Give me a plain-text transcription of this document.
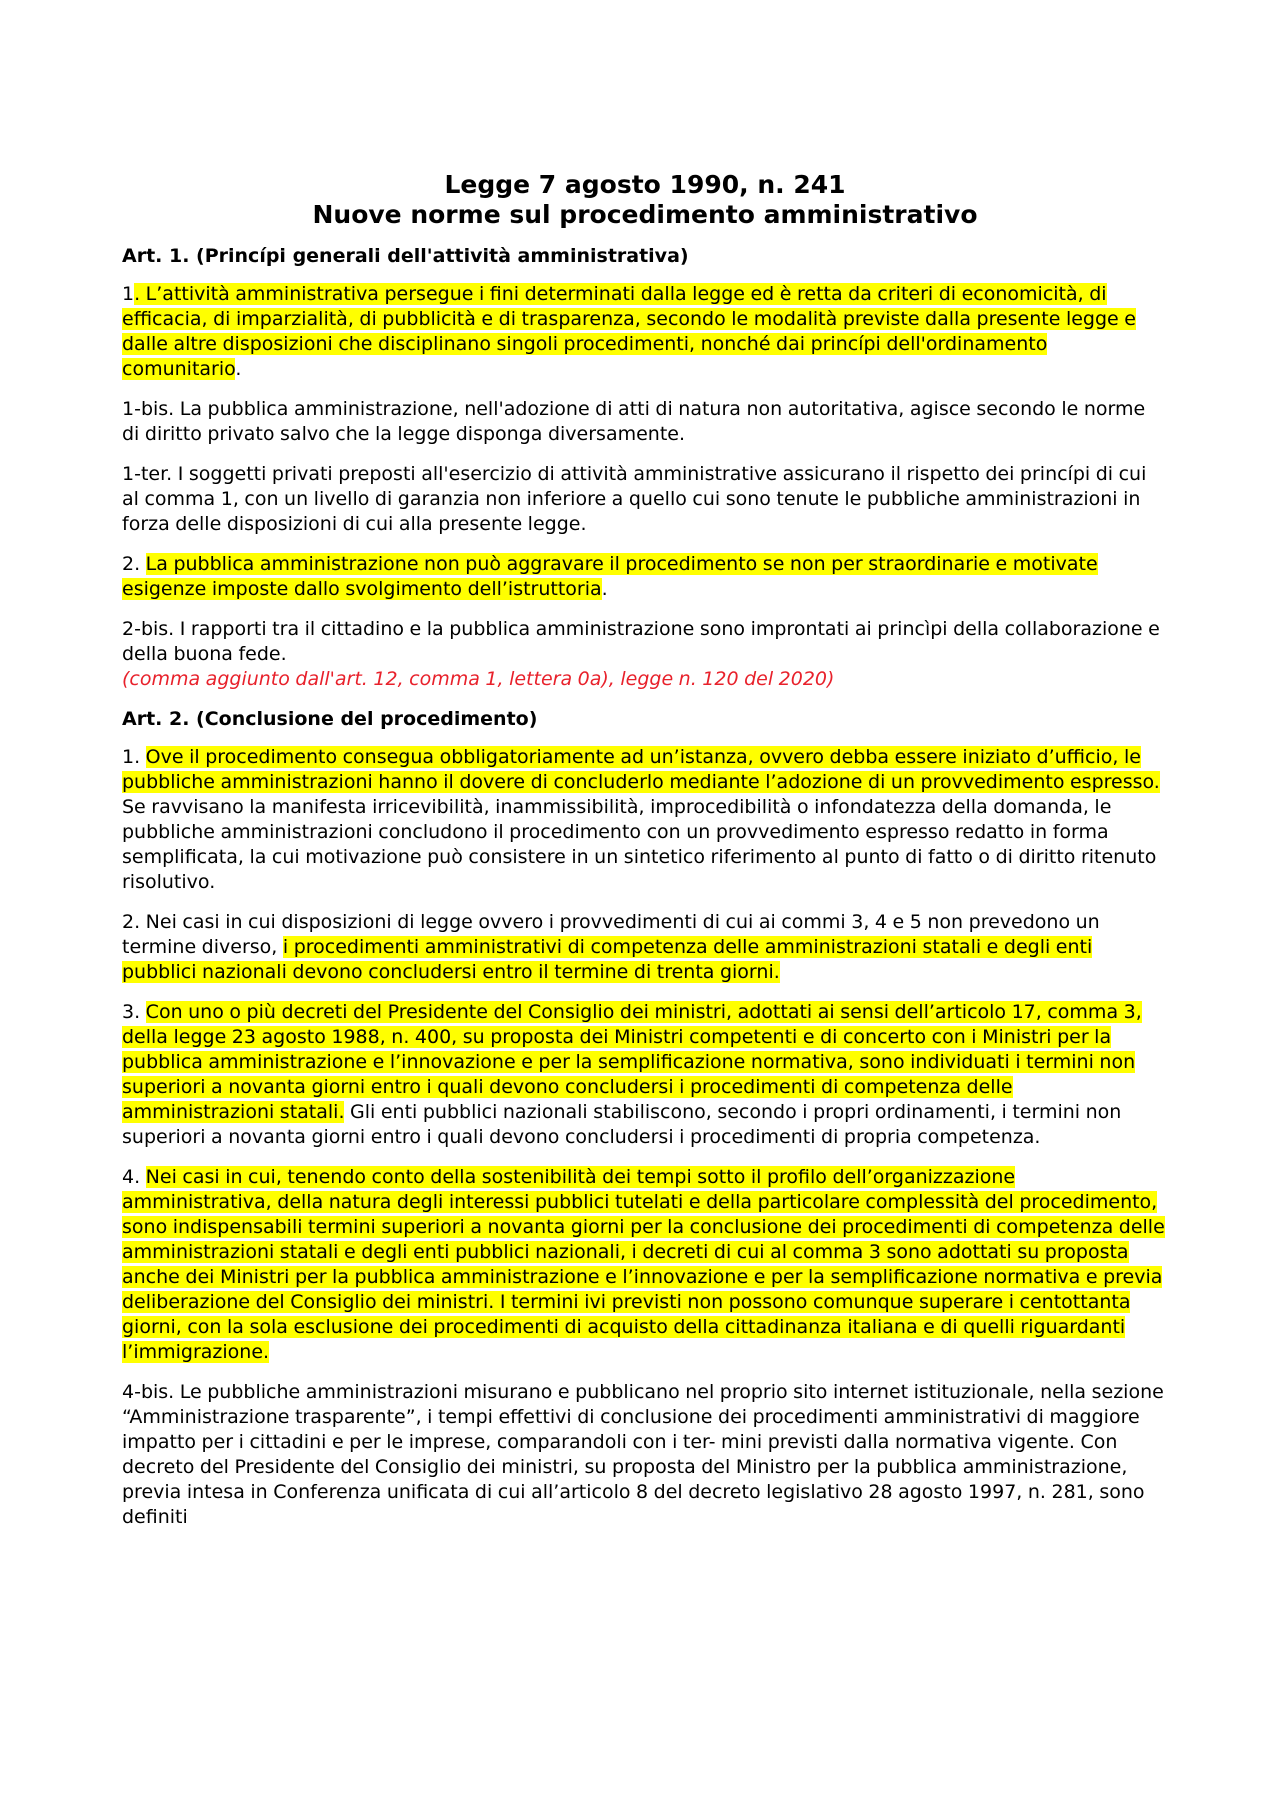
Legge 7 agosto 1990, n. 241
Nuove norme sul procedimento amministrativo
Art. 1. (Princípi generali dell'attività amministrativa)

1. L’attività amministrativa persegue i fini determinati dalla legge ed è retta da criteri di economicità, di efficacia, di imparzialità, di pubblicità e di trasparenza, secondo le modalità previste dalla presente legge e dalle altre disposizioni che disciplinano singoli procedimenti, nonché dai princípi dell'ordinamento comunitario.

1-bis. La pubblica amministrazione, nell'adozione di atti di natura non autoritativa, agisce secondo le norme di diritto privato salvo che la legge disponga diversamente.

1-ter. I soggetti privati preposti all'esercizio di attività amministrative assicurano il rispetto dei princípi di cui al comma 1, con un livello di garanzia non inferiore a quello cui sono tenute le pubbliche amministrazioni in forza delle disposizioni di cui alla presente legge.

2. La pubblica amministrazione non può aggravare il procedimento se non per straordinarie e motivate esigenze imposte dallo svolgimento dell’istruttoria.

2-bis. I rapporti tra il cittadino e la pubblica amministrazione sono improntati ai princìpi della collaborazione e della buona fede.
(comma aggiunto dall'art. 12, comma 1, lettera 0a), legge n. 120 del 2020)

Art. 2. (Conclusione del procedimento)

1. Ove il procedimento consegua obbligatoriamente ad un’istanza, ovvero debba essere iniziato d’ufficio, le pubbliche amministrazioni hanno il dovere di concluderlo mediante l’adozione di un provvedimento espresso. Se ravvisano la manifesta irricevibilità, inammissibilità, improcedibilità o infondatezza della domanda, le pubbliche amministrazioni concludono il procedimento con un provvedimento espresso redatto in forma semplificata, la cui motivazione può consistere in un sintetico riferimento al punto di fatto o di diritto ritenuto risolutivo.

2. Nei casi in cui disposizioni di legge ovvero i provvedimenti di cui ai commi 3, 4 e 5 non prevedono un termine diverso, i procedimenti amministrativi di competenza delle amministrazioni statali e degli enti pubblici nazionali devono concludersi entro il termine di trenta giorni.

3. Con uno o più decreti del Presidente del Consiglio dei ministri, adottati ai sensi dell’articolo 17, comma 3, della legge 23 agosto 1988, n. 400, su proposta dei Ministri competenti e di concerto con i Ministri per la pubblica amministrazione e l’innovazione e per la semplificazione normativa, sono individuati i termini non superiori a novanta giorni entro i quali devono concludersi i procedimenti di competenza delle amministrazioni statali. Gli enti pubblici nazionali stabiliscono, secondo i propri ordinamenti, i termini non superiori a novanta giorni entro i quali devono concludersi i procedimenti di propria competenza.

4. Nei casi in cui, tenendo conto della sostenibilità dei tempi sotto il profilo dell’organizzazione amministrativa, della natura degli interessi pubblici tutelati e della particolare complessità del procedimento, sono indispensabili termini superiori a novanta giorni per la conclusione dei procedimenti di competenza delle amministrazioni statali e degli enti pubblici nazionali, i decreti di cui al comma 3 sono adottati su proposta anche dei Ministri per la pubblica amministrazione e l’innovazione e per la semplificazione normativa e previa deliberazione del Consiglio dei ministri. I termini ivi previsti non possono comunque superare i centottanta giorni, con la sola esclusione dei procedimenti di acquisto della cittadinanza italiana e di quelli riguardanti l’immigrazione.

4-bis. Le pubbliche amministrazioni misurano e pubblicano nel proprio sito internet istituzionale, nella sezione “Amministrazione trasparente”, i tempi effettivi di conclusione dei procedimenti amministrativi di maggiore impatto per i cittadini e per le imprese, comparandoli con i ter- mini previsti dalla normativa vigente. Con decreto del Presidente del Consiglio dei ministri, su proposta del Ministro per la pubblica amministrazione, previa intesa in Conferenza unificata di cui all’articolo 8 del decreto legislativo 28 agosto 1997, n. 281, sono definiti
